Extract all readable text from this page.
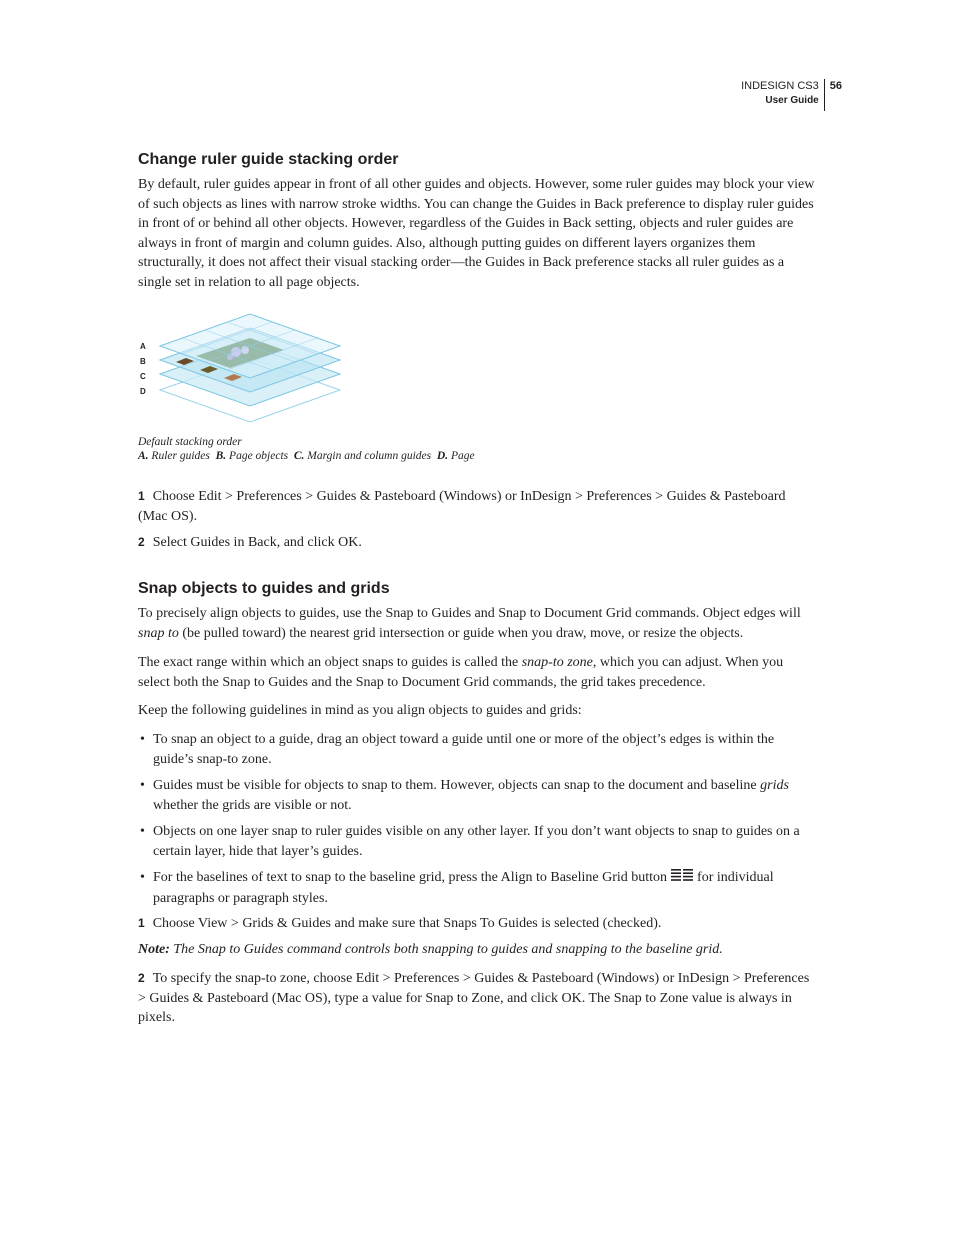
INDESIGN CS3
User Guide
56
Change ruler guide stacking order

By default, ruler guides appear in front of all other guides and objects. However, some ruler guides may block your view of such objects as lines with narrow stroke widths. You can change the Guides in Back preference to display ruler guides in front of or behind all other objects. However, regardless of the Guides in Back setting, objects and ruler guides are always in front of margin and column guides. Also, although putting guides on different layers organizes them structurally, it does not affect their visual stacking order—the Guides in Back preference stacks all ruler guides as a single set in relation to all page objects.

A
B
C
D
Default stacking order
A. Ruler guides B. Page objects C. Margin and column guides D. Page

1 Choose Edit > Preferences > Guides & Pasteboard (Windows) or InDesign > Preferences > Guides & Pasteboard (Mac OS).

2 Select Guides in Back, and click OK.

Snap objects to guides and grids

To precisely align objects to guides, use the Snap to Guides and Snap to Document Grid commands. Object edges will snap to (be pulled toward) the nearest grid intersection or guide when you draw, move, or resize the objects.

The exact range within which an object snaps to guides is called the snap-to zone, which you can adjust. When you select both the Snap to Guides and the Snap to Document Grid commands, the grid takes precedence.

Keep the following guidelines in mind as you align objects to guides and grids:

• To snap an object to a guide, drag an object toward a guide until one or more of the object’s edges is within the guide’s snap-to zone.
• Guides must be visible for objects to snap to them. However, objects can snap to the document and baseline grids whether the grids are visible or not.
• Objects on one layer snap to ruler guides visible on any other layer. If you don’t want objects to snap to guides on a certain layer, hide that layer’s guides.
• For the baselines of text to snap to the baseline grid, press the Align to Baseline Grid button for individual paragraphs or paragraph styles.

1 Choose View > Grids & Guides and make sure that Snaps To Guides is selected (checked).

Note: The Snap to Guides command controls both snapping to guides and snapping to the baseline grid.

2 To specify the snap-to zone, choose Edit > Preferences > Guides & Pasteboard (Windows) or InDesign > Preferences > Guides & Pasteboard (Mac OS), type a value for Snap to Zone, and click OK. The Snap to Zone value is always in pixels.
